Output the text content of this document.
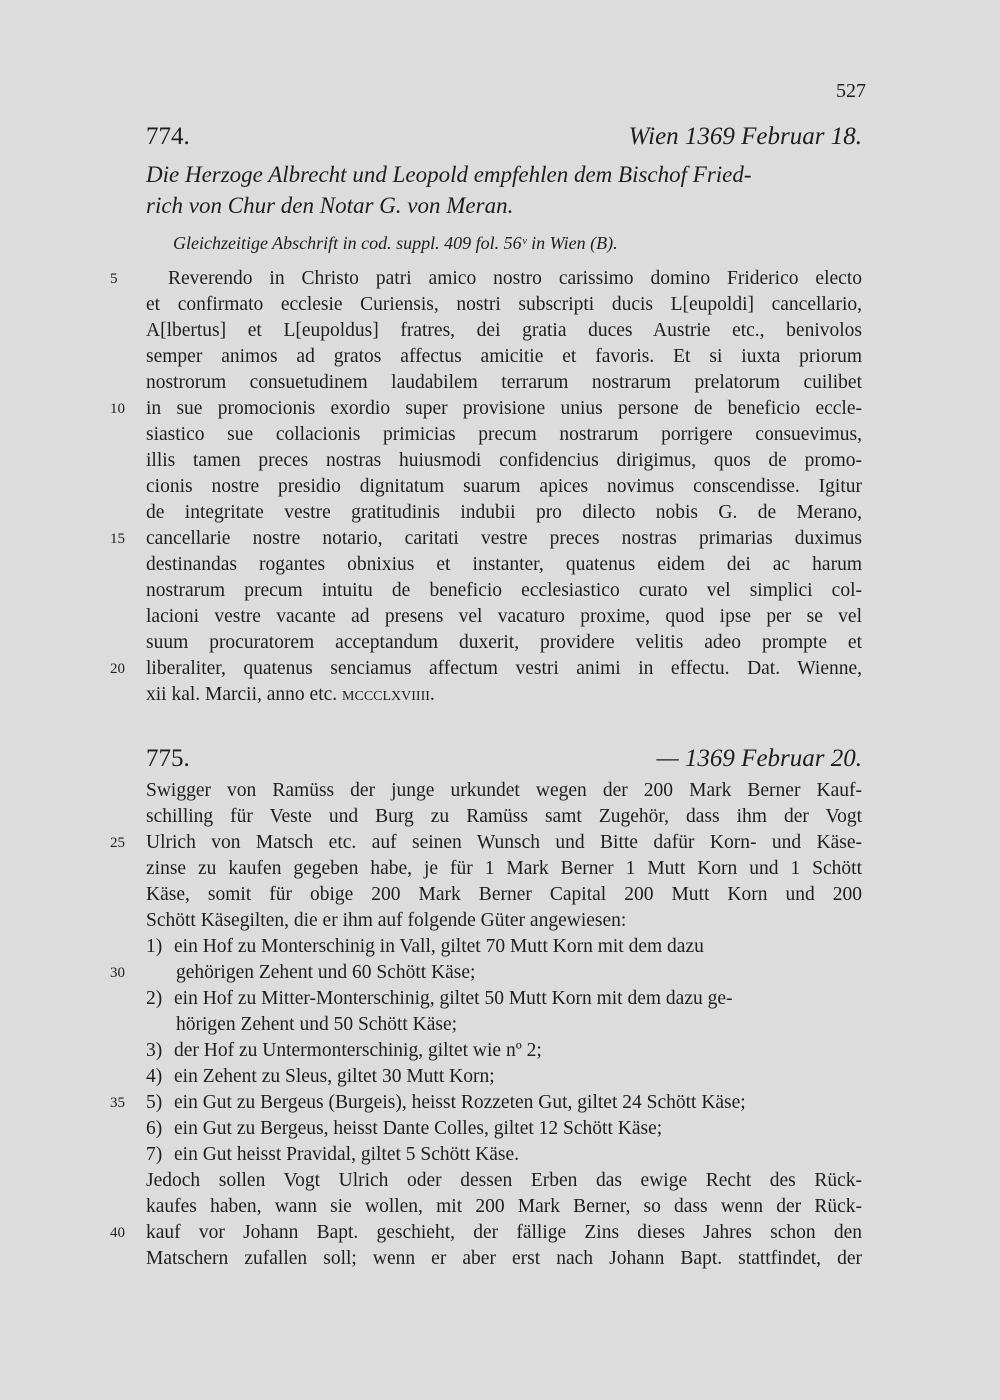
527
774.	Wien 1369 Februar 18.
Die Herzoge Albrecht und Leopold empfehlen dem Bischof Fried-
rich von Chur den Notar G. von Meran.
Gleichzeitige Abschrift in cod. suppl. 409 fol. 56ᵛ in Wien (B).
5	Reverendo in Christo patri amico nostro carissimo domino Friderico electo
et confirmato ecclesie Curiensis, nostri subscripti ducis L[eupoldi] cancellario,
A[lbertus] et L[eupoldus] fratres, dei gratia duces Austrie etc., benivolos
semper animos ad gratos affectus amicitie et favoris. Et si iuxta priorum
nostrorum consuetudinem laudabilem terrarum nostrarum prelatorum cuilibet
10	in sue promocionis exordio super provisione unius persone de beneficio eccle-
siastico sue collacionis primicias precum nostrarum porrigere consuevimus,
illis tamen preces nostras huiusmodi confidencius dirigimus, quos de promo-
cionis nostre presidio dignitatum suarum apices novimus conscendisse. Igitur
de integritate vestre gratitudinis indubii pro dilecto nobis G. de Merano,
15	cancellarie nostre notario, caritati vestre preces nostras primarias duximus
destinandas rogantes obnixius et instanter, quatenus eidem dei ac harum
nostrarum precum intuitu de beneficio ecclesiastico curato vel simplici col-
lacioni vestre vacante ad presens vel vacaturo proxime, quod ipse per se vel
suum procuratorem acceptandum duxerit, providere velitis adeo prompte et
20	liberaliter, quatenus senciamus affectum vestri animi in effectu. Dat. Wienne,
xii kal. Marcii, anno etc. mccclxviiii.
775.	— 1369 Februar 20.
Swigger von Ramüss der junge urkundet wegen der 200 Mark Berner Kauf-
schilling für Veste und Burg zu Ramüss samt Zugehör, dass ihm der Vogt
25	Ulrich von Matsch etc. auf seinen Wunsch und Bitte dafür Korn- und Käse-
zinse zu kaufen gegeben habe, je für 1 Mark Berner 1 Mutt Korn und 1 Schött
Käse, somit für obige 200 Mark Berner Capital 200 Mutt Korn und 200
Schött Käsegilten, die er ihm auf folgende Güter angewiesen:
1) ein Hof zu Monterschinig in Vall, giltet 70 Mutt Korn mit dem dazu
30	gehörigen Zehent und 60 Schött Käse;
2) ein Hof zu Mitter-Monterschinig, giltet 50 Mutt Korn mit dem dazu ge-
hörigen Zehent und 50 Schött Käse;
3) der Hof zu Untermonterschinig, giltet wie nº 2;
4) ein Zehent zu Sleus, giltet 30 Mutt Korn;
35	5) ein Gut zu Bergeus (Burgeis), heisst Rozzeten Gut, giltet 24 Schött Käse;
6) ein Gut zu Bergeus, heisst Dante Colles, giltet 12 Schött Käse;
7) ein Gut heisst Pravidal, giltet 5 Schött Käse.
Jedoch sollen Vogt Ulrich oder dessen Erben das ewige Recht des Rück-
kaufes haben, wann sie wollen, mit 200 Mark Berner, so dass wenn der Rück-
40	kauf vor Johann Bapt. geschieht, der fällige Zins dieses Jahres schon den
Matschern zufallen soll; wenn er aber erst nach Johann Bapt. stattfindet, der
